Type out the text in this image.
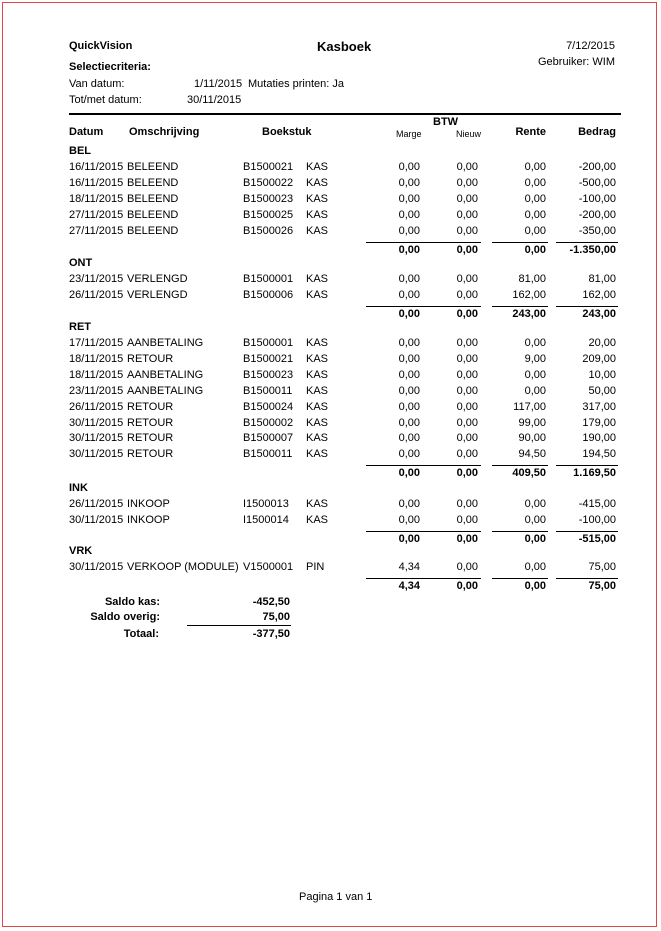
QuickVision	Kasboek	7/12/2015
Gebruiker: WIM
Selectiecriteria:
Van datum:	1/11/2015 Mutaties printen: Ja
Tot/met datum:	30/11/2015
BTW
Datum Omschrijving	Boekstuk	Marge	Nieuw	Rente	Bedrag
BEL
16/11/2015 BELEEND	B1500021 KAS	0,00	0,00	0,00	-200,00
16/11/2015 BELEEND	B1500022 KAS	0,00	0,00	0,00	-500,00
18/11/2015 BELEEND	B1500023 KAS	0,00	0,00	0,00	-100,00
27/11/2015 BELEEND	B1500025 KAS	0,00	0,00	0,00	-200,00
27/11/2015 BELEEND	B1500026 KAS	0,00	0,00	0,00	-350,00
0,00	0,00	0,00 -1.350,00
ONT
23/11/2015 VERLENGD	B1500001 KAS	0,00	0,00	81,00	81,00
26/11/2015 VERLENGD	B1500006 KAS	0,00	0,00	162,00	162,00
0,00	0,00	243,00	243,00
RET
17/11/2015 AANBETALING	B1500001 KAS	0,00	0,00	0,00	20,00
18/11/2015 RETOUR	B1500021 KAS	0,00	0,00	9,00	209,00
18/11/2015 AANBETALING	B1500023 KAS	0,00	0,00	0,00	10,00
23/11/2015 AANBETALING	B1500011 KAS	0,00	0,00	0,00	50,00
26/11/2015 RETOUR	B1500024 KAS	0,00	0,00	117,00	317,00
30/11/2015 RETOUR	B1500002 KAS	0,00	0,00	99,00	179,00
30/11/2015 RETOUR	B1500007 KAS	0,00	0,00	90,00	190,00
30/11/2015 RETOUR	B1500011 KAS	0,00	0,00	94,50	194,50
0,00	0,00	409,50 1.169,50
INK
26/11/2015 INKOOP	I1500013 KAS	0,00	0,00	0,00	-415,00
30/11/2015 INKOOP	I1500014 KAS	0,00	0,00	0,00	-100,00
0,00	0,00	0,00	-515,00
VRK
30/11/2015 VERKOOP (MODULE) V1500001 PIN	4,34	0,00	0,00	75,00
4,34	0,00	0,00	75,00
Saldo kas:	-452,50
Saldo overig:	75,00
Totaal:	-377,50
Pagina 1 van 1
